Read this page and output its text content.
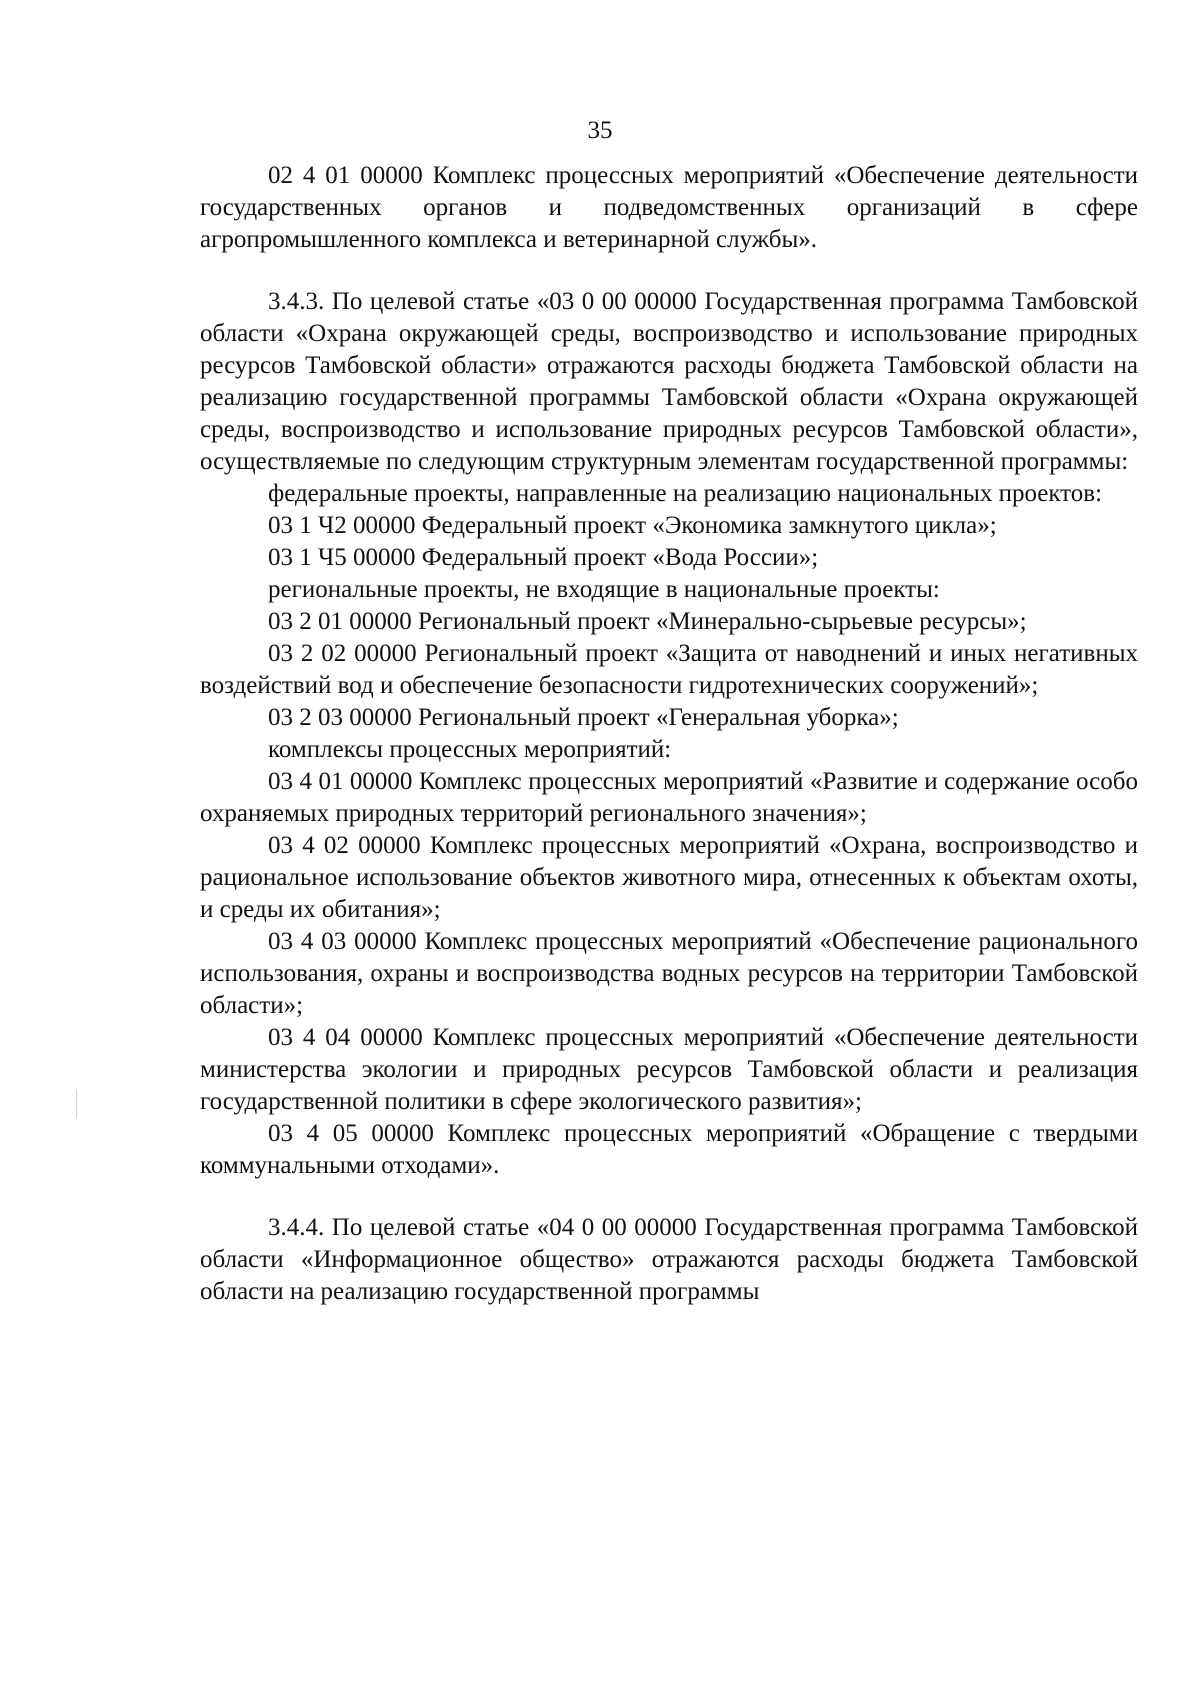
35

02 4 01 00000 Комплекс процессных мероприятий «Обеспечение деятельности государственных органов и подведомственных организаций в сфере агропромышленного комплекса и ветеринарной службы».

3.4.3. По целевой статье «03 0 00 00000 Государственная программа Тамбовской области «Охрана окружающей среды, воспроизводство и использование природных ресурсов Тамбовской области» отражаются расходы бюджета Тамбовской области на реализацию государственной программы Тамбовской области «Охрана окружающей среды, воспроизводство и использование природных ресурсов Тамбовской области», осуществляемые по следующим структурным элементам государственной программы:

федеральные проекты, направленные на реализацию национальных проектов:

03 1 Ч2 00000 Федеральный проект «Экономика замкнутого цикла»;

03 1 Ч5 00000 Федеральный проект «Вода России»;

региональные проекты, не входящие в национальные проекты:

03 2 01 00000 Региональный проект «Минерально-сырьевые ресурсы»;

03 2 02 00000 Региональный проект «Защита от наводнений и иных негативных воздействий вод и обеспечение безопасности гидротехнических сооружений»;

03 2 03 00000 Региональный проект «Генеральная уборка»;

комплексы процессных мероприятий:

03 4 01 00000 Комплекс процессных мероприятий «Развитие и содержание особо охраняемых природных территорий регионального значения»;

03 4 02 00000 Комплекс процессных мероприятий «Охрана, воспроизводство и рациональное использование объектов животного мира, отнесенных к объектам охоты, и среды их обитания»;

03 4 03 00000 Комплекс процессных мероприятий «Обеспечение рационального использования, охраны и воспроизводства водных ресурсов на территории Тамбовской области»;

03 4 04 00000 Комплекс процессных мероприятий «Обеспечение деятельности министерства экологии и природных ресурсов Тамбовской области и реализация государственной политики в сфере экологического развития»;

03 4 05 00000 Комплекс процессных мероприятий «Обращение с твердыми коммунальными отходами».

3.4.4. По целевой статье «04 0 00 00000 Государственная программа Тамбовской области «Информационное общество» отражаются расходы бюджета Тамбовской области на реализацию государственной программы
